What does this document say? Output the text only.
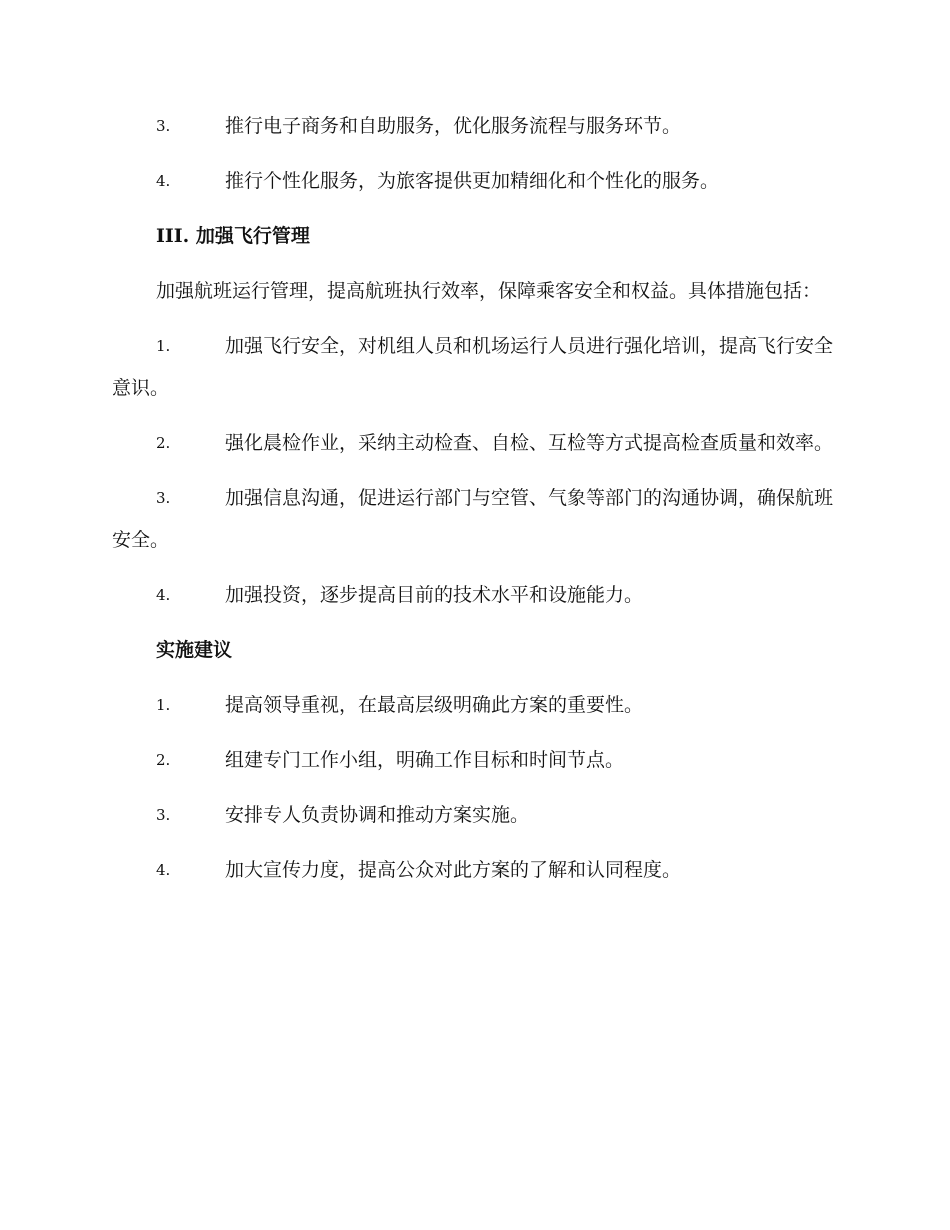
3.	推行电子商务和自助服务，优化服务流程与服务环节。
4.	推行个性化服务，为旅客提供更加精细化和个性化的服务。
III. 加强飞行管理
加强航班运行管理，提高航班执行效率，保障乘客安全和权益。具体措施包括：
1.	加强飞行安全，对机组人员和机场运行人员进行强化培训，提高飞行安全意识。
2.	强化晨检作业，采纳主动检查、自检、互检等方式提高检查质量和效率。
3.	加强信息沟通，促进运行部门与空管、气象等部门的沟通协调，确保航班安全。
4.	加强投资，逐步提高目前的技术水平和设施能力。
实施建议
1.	提高领导重视，在最高层级明确此方案的重要性。
2.	组建专门工作小组，明确工作目标和时间节点。
3.	安排专人负责协调和推动方案实施。
4.	加大宣传力度，提高公众对此方案的了解和认同程度。
